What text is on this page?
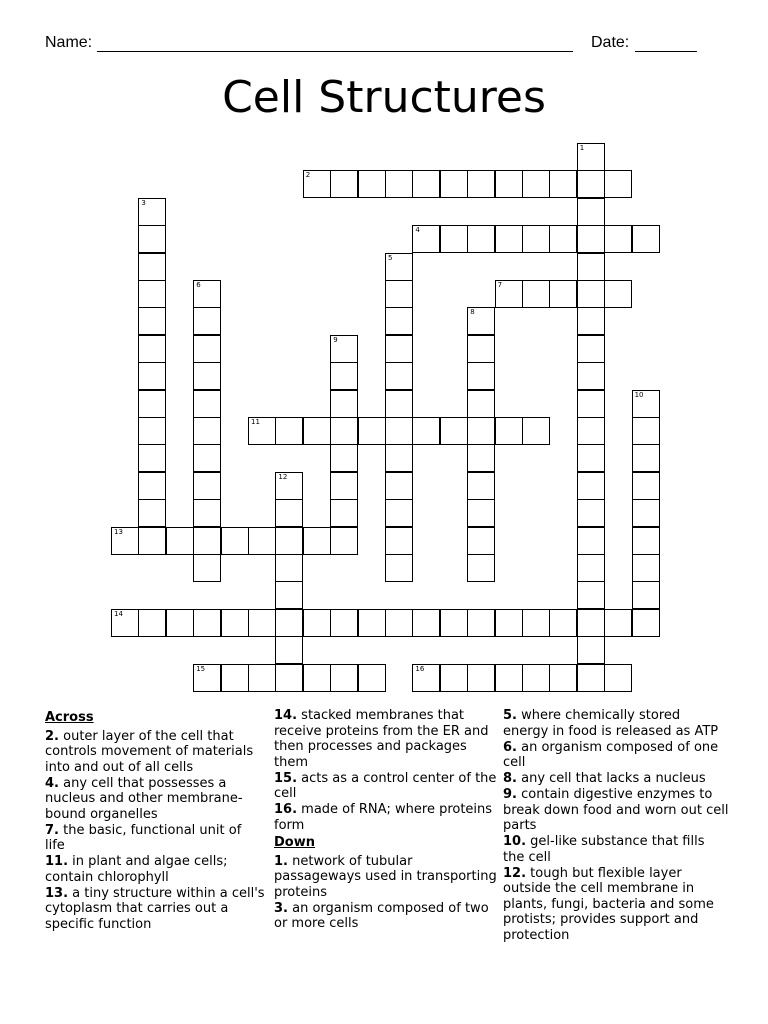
Name:	Date:
Cell Structures
2
4
7
11
13
14
15	16
1
3
5
6
8
9
10
12
Across
2. outer layer of the cell that controls movement of materials into and out of all cells
4. any cell that possesses a nucleus and other membrane-bound organelles
7. the basic, functional unit of life
11. in plant and algae cells; contain chlorophyll
13. a tiny structure within a cell's cytoplasm that carries out a specific function
14. stacked membranes that receive proteins from the ER and then processes and packages them
15. acts as a control center of the cell
16. made of RNA; where proteins form
Down
1. network of tubular passageways used in transporting proteins
3. an organism composed of two or more cells
5. where chemically stored energy in food is released as ATP
6. an organism composed of one cell
8. any cell that lacks a nucleus
9. contain digestive enzymes to break down food and worn out cell parts
10. gel-like substance that fills the cell
12. tough but flexible layer outside the cell membrane in plants, fungi, bacteria and some protists; provides support and protection
